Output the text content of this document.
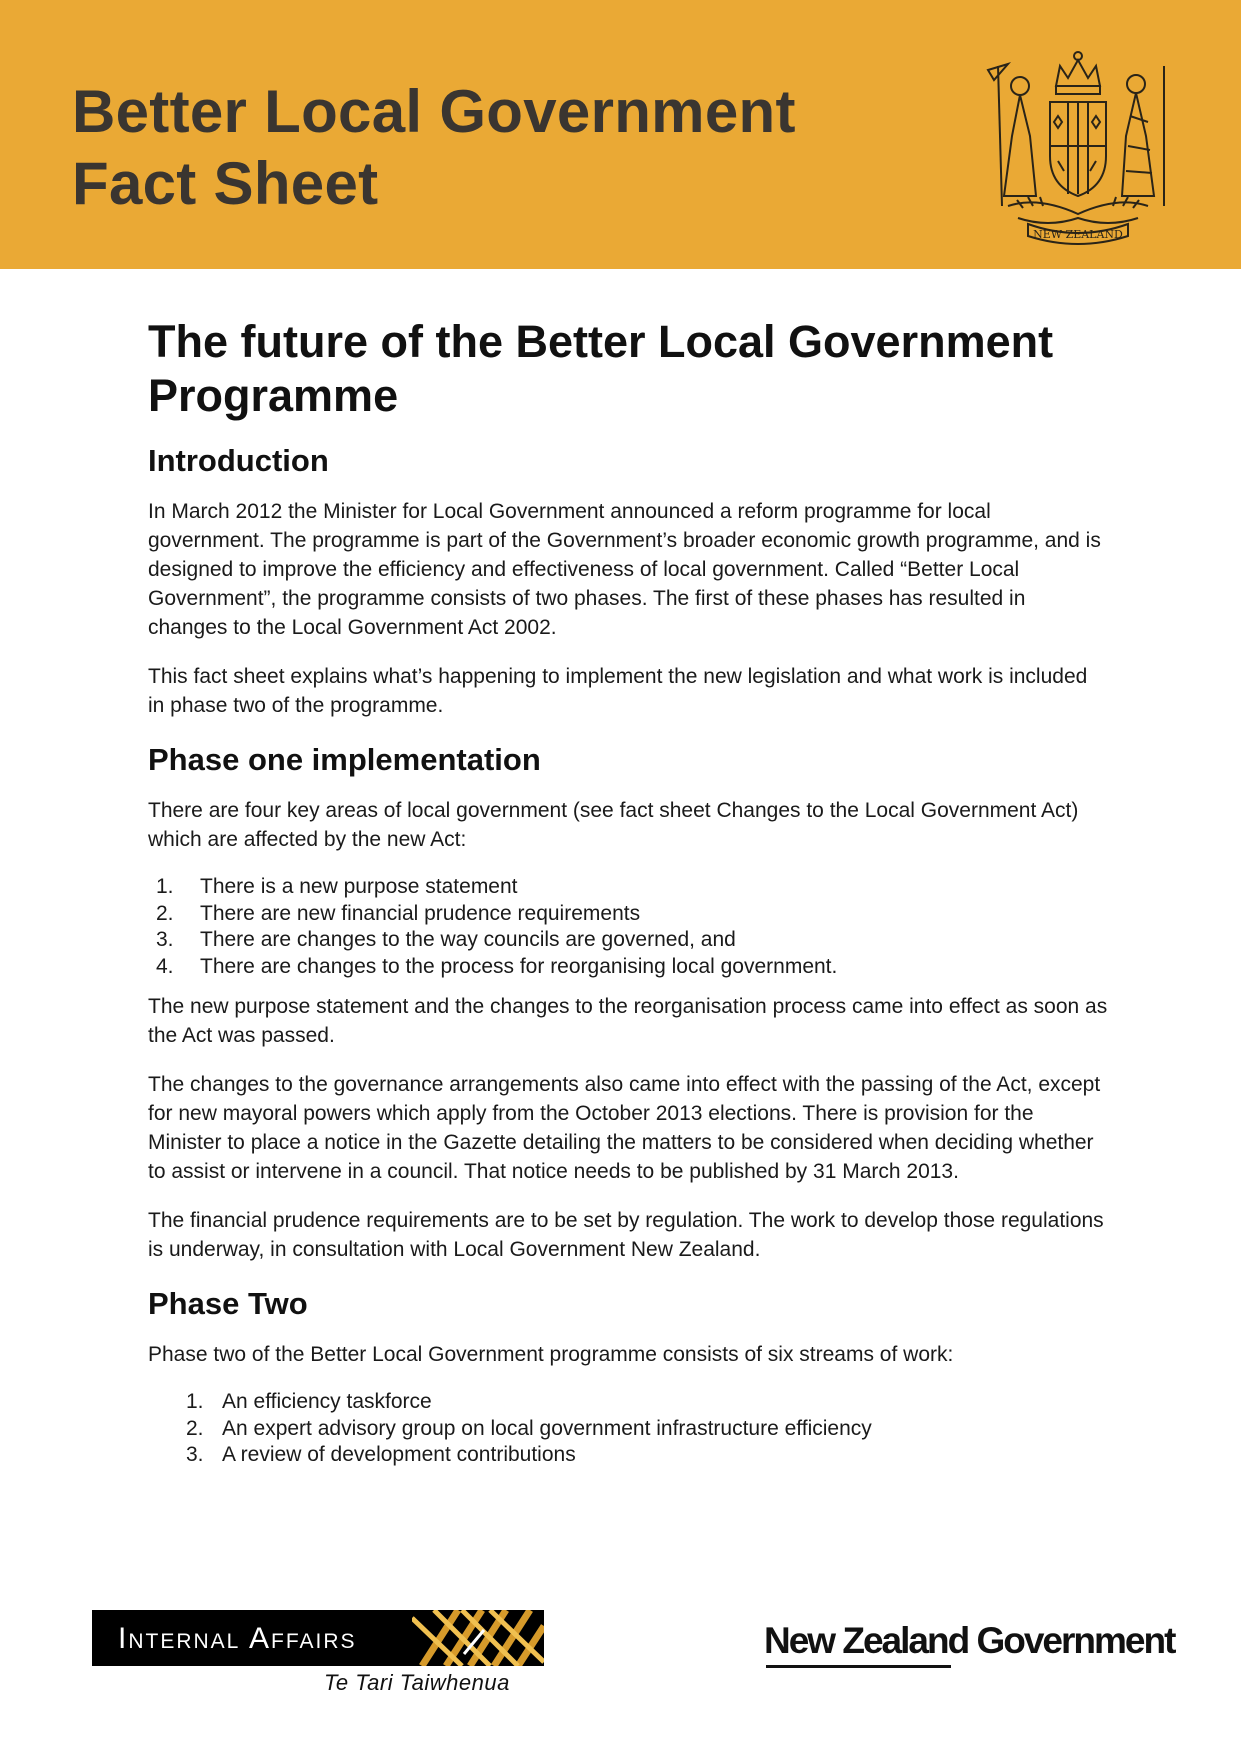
Better Local Government
Fact Sheet
NEW ZEALAND
The future of the Better Local Government Programme
Introduction

In March 2012 the Minister for Local Government announced a reform programme for local government. The programme is part of the Government’s broader economic growth programme, and is designed to improve the efficiency and effectiveness of local government. Called “Better Local Government”, the programme consists of two phases. The first of these phases has resulted in changes to the Local Government Act 2002.

This fact sheet explains what’s happening to implement the new legislation and what work is included in phase two of the programme.

Phase one implementation

There are four key areas of local government (see fact sheet Changes to the Local Government Act) which are affected by the new Act:

1.	There is a new purpose statement
2.	There are new financial prudence requirements
3.	There are changes to the way councils are governed, and
4.	There are changes to the process for reorganising local government.

The new purpose statement and the changes to the reorganisation process came into effect as soon as the Act was passed.

The changes to the governance arrangements also came into effect with the passing of the Act, except for new mayoral powers which apply from the October 2013 elections. There is provision for the Minister to place a notice in the Gazette detailing the matters to be considered when deciding whether to assist or intervene in a council. That notice needs to be published by 31 March 2013.

The financial prudence requirements are to be set by regulation. The work to develop those regulations is underway, in consultation with Local Government New Zealand.

Phase Two

Phase two of the Better Local Government programme consists of six streams of work:

1. An efficiency taskforce
2. An expert advisory group on local government infrastructure efficiency
3. A review of development contributions
Internal Affairs
Te Tari Taiwhenua
New Zealand Government
